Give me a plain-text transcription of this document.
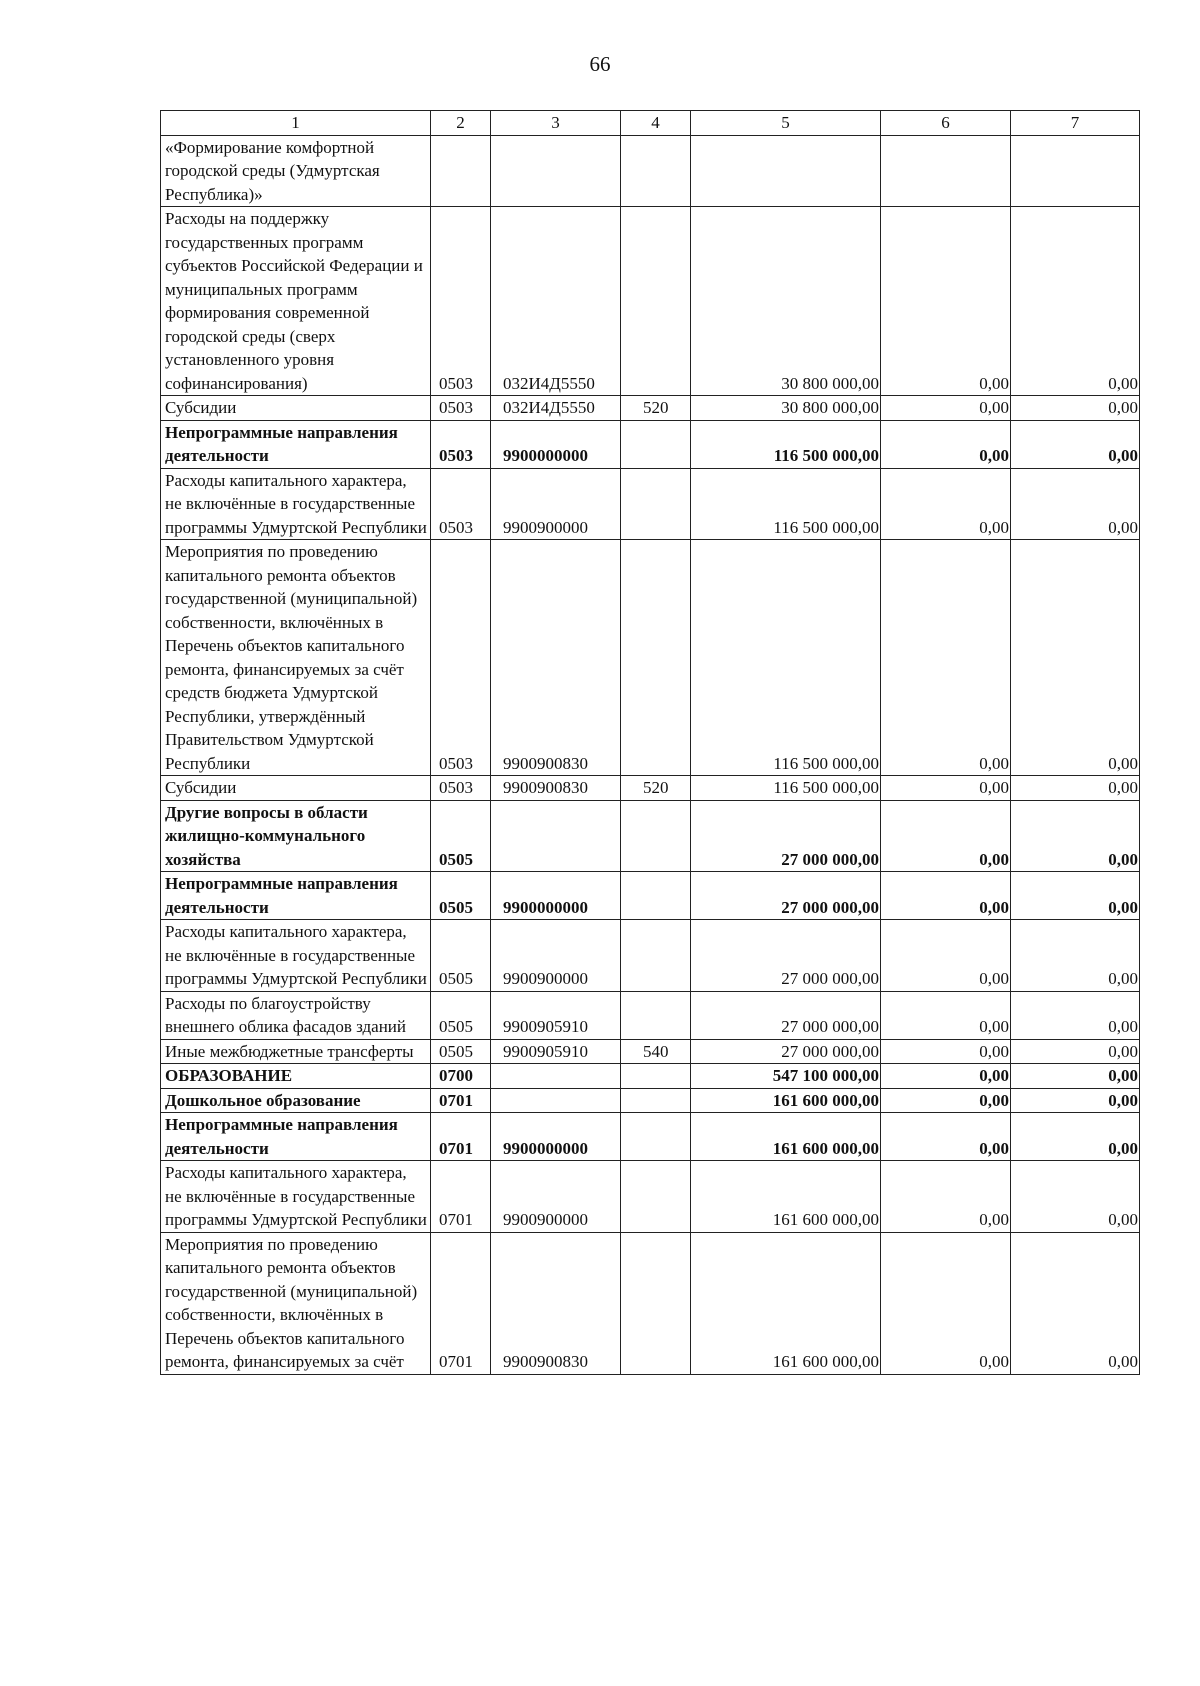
66
1	2	3	4	5	6	7
«Формирование комфортной городской среды (Удмуртская Республика)»						
Расходы на поддержку государственных программ субъектов Российской Федерации и муниципальных программ формирования современной городской среды (сверх установленного уровня софинансирования)	0503	032И4Д5550		30 800 000,00	0,00	0,00
Субсидии	0503	032И4Д5550	520	30 800 000,00	0,00	0,00
Непрограммные направления деятельности	0503	9900000000		116 500 000,00	0,00	0,00
Расходы капитального характера, не включённые в государственные программы Удмуртской Республики	0503	9900900000		116 500 000,00	0,00	0,00
Мероприятия по проведению капитального ремонта объектов государственной (муниципальной) собственности, включённых в Перечень объектов капитального ремонта, финансируемых за счёт средств бюджета Удмуртской Республики, утверждённый Правительством Удмуртской Республики	0503	9900900830		116 500 000,00	0,00	0,00
Субсидии	0503	9900900830	520	116 500 000,00	0,00	0,00
Другие вопросы в области жилищно-коммунального хозяйства	0505			27 000 000,00	0,00	0,00
Непрограммные направления деятельности	0505	9900000000		27 000 000,00	0,00	0,00
Расходы капитального характера, не включённые в государственные программы Удмуртской Республики	0505	9900900000		27 000 000,00	0,00	0,00
Расходы по благоустройству внешнего облика фасадов зданий	0505	9900905910		27 000 000,00	0,00	0,00
Иные межбюджетные трансферты	0505	9900905910	540	27 000 000,00	0,00	0,00
ОБРАЗОВАНИЕ	0700			547 100 000,00	0,00	0,00
Дошкольное образование	0701			161 600 000,00	0,00	0,00
Непрограммные направления деятельности	0701	9900000000		161 600 000,00	0,00	0,00
Расходы капитального характера, не включённые в государственные программы Удмуртской Республики	0701	9900900000		161 600 000,00	0,00	0,00
Мероприятия по проведению капитального ремонта объектов государственной (муниципальной) собственности, включённых в Перечень объектов капитального ремонта, финансируемых за счёт	0701	9900900830		161 600 000,00	0,00	0,00
